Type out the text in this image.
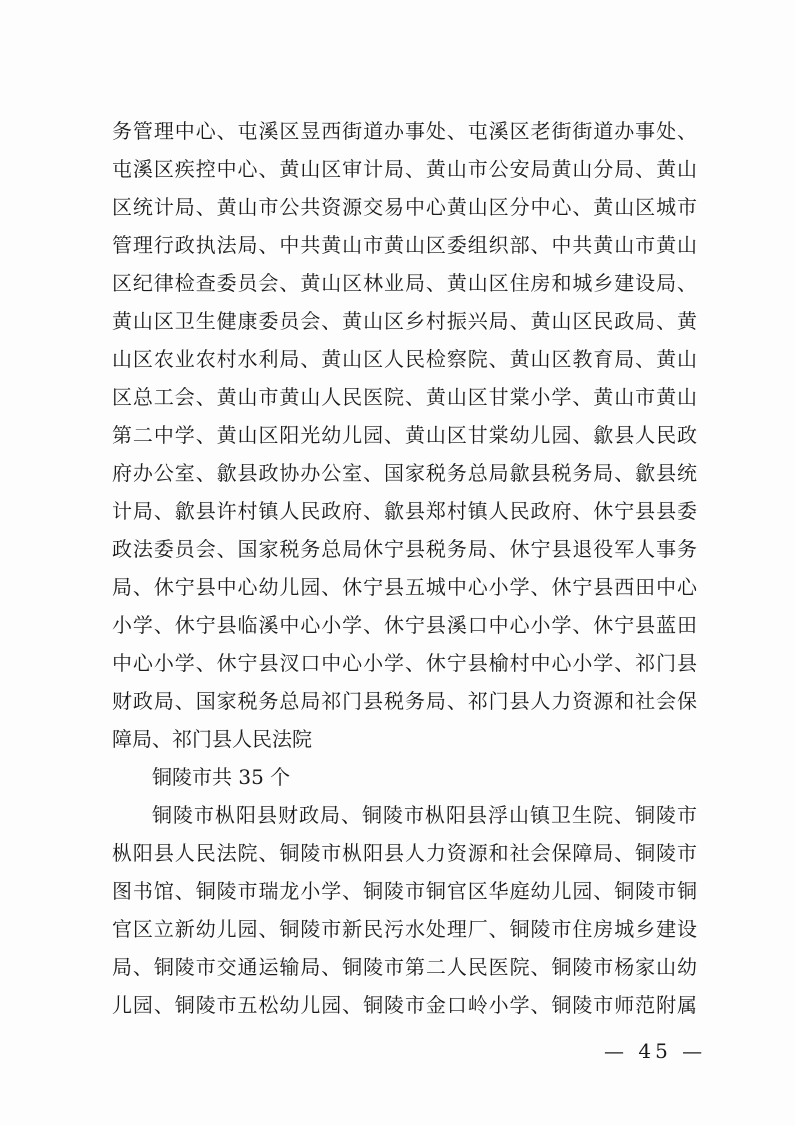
务管理中心、屯溪区昱西街道办事处、屯溪区老街街道办事处、
屯溪区疾控中心、黄山区审计局、黄山市公安局黄山分局、黄山
区统计局、黄山市公共资源交易中心黄山区分中心、黄山区城市
管理行政执法局、中共黄山市黄山区委组织部、中共黄山市黄山
区纪律检查委员会、黄山区林业局、黄山区住房和城乡建设局、
黄山区卫生健康委员会、黄山区乡村振兴局、黄山区民政局、黄
山区农业农村水利局、黄山区人民检察院、黄山区教育局、黄山
区总工会、黄山市黄山人民医院、黄山区甘棠小学、黄山市黄山
第二中学、黄山区阳光幼儿园、黄山区甘棠幼儿园、歙县人民政
府办公室、歙县政协办公室、国家税务总局歙县税务局、歙县统
计局、歙县许村镇人民政府、歙县郑村镇人民政府、休宁县县委
政法委员会、国家税务总局休宁县税务局、休宁县退役军人事务
局、休宁县中心幼儿园、休宁县五城中心小学、休宁县西田中心
小学、休宁县临溪中心小学、休宁县溪口中心小学、休宁县蓝田
中心小学、休宁县汊口中心小学、休宁县榆村中心小学、祁门县
财政局、国家税务总局祁门县税务局、祁门县人力资源和社会保
障局、祁门县人民法院
铜陵市共 35 个
铜陵市枞阳县财政局、铜陵市枞阳县浮山镇卫生院、铜陵市
枞阳县人民法院、铜陵市枞阳县人力资源和社会保障局、铜陵市
图书馆、铜陵市瑞龙小学、铜陵市铜官区华庭幼儿园、铜陵市铜
官区立新幼儿园、铜陵市新民污水处理厂、铜陵市住房城乡建设
局、铜陵市交通运输局、铜陵市第二人民医院、铜陵市杨家山幼
儿园、铜陵市五松幼儿园、铜陵市金口岭小学、铜陵市师范附属
— 45 —
